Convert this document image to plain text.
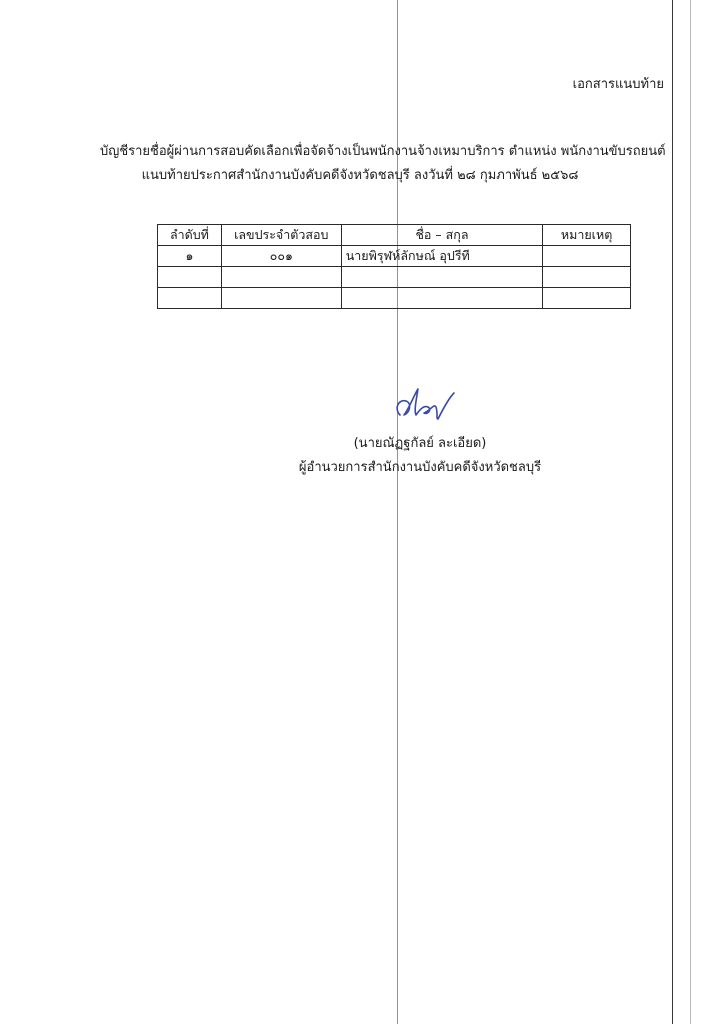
เอกสารแนบท้าย
บัญชีรายชื่อผู้ผ่านการสอบคัดเลือกเพื่อจัดจ้างเป็นพนักงานจ้างเหมาบริการ ตำแหน่ง พนักงานขับรถยนต์
แนบท้ายประกาศสำนักงานบังคับคดีจังหวัดชลบุรี ลงวันที่ ๒๘ กุมภาพันธ์ ๒๕๖๘
ลำดับที่	เลขประจำตัวสอบ	ชื่อ – สกุล	หมายเหตุ
๑	๐๐๑	นายพิรุฬห์ลักษณ์ อุปรีที	

(นายณัฏฐกัลย์ ละเอียด)
ผู้อำนวยการสำนักงานบังคับคดีจังหวัดชลบุรี
